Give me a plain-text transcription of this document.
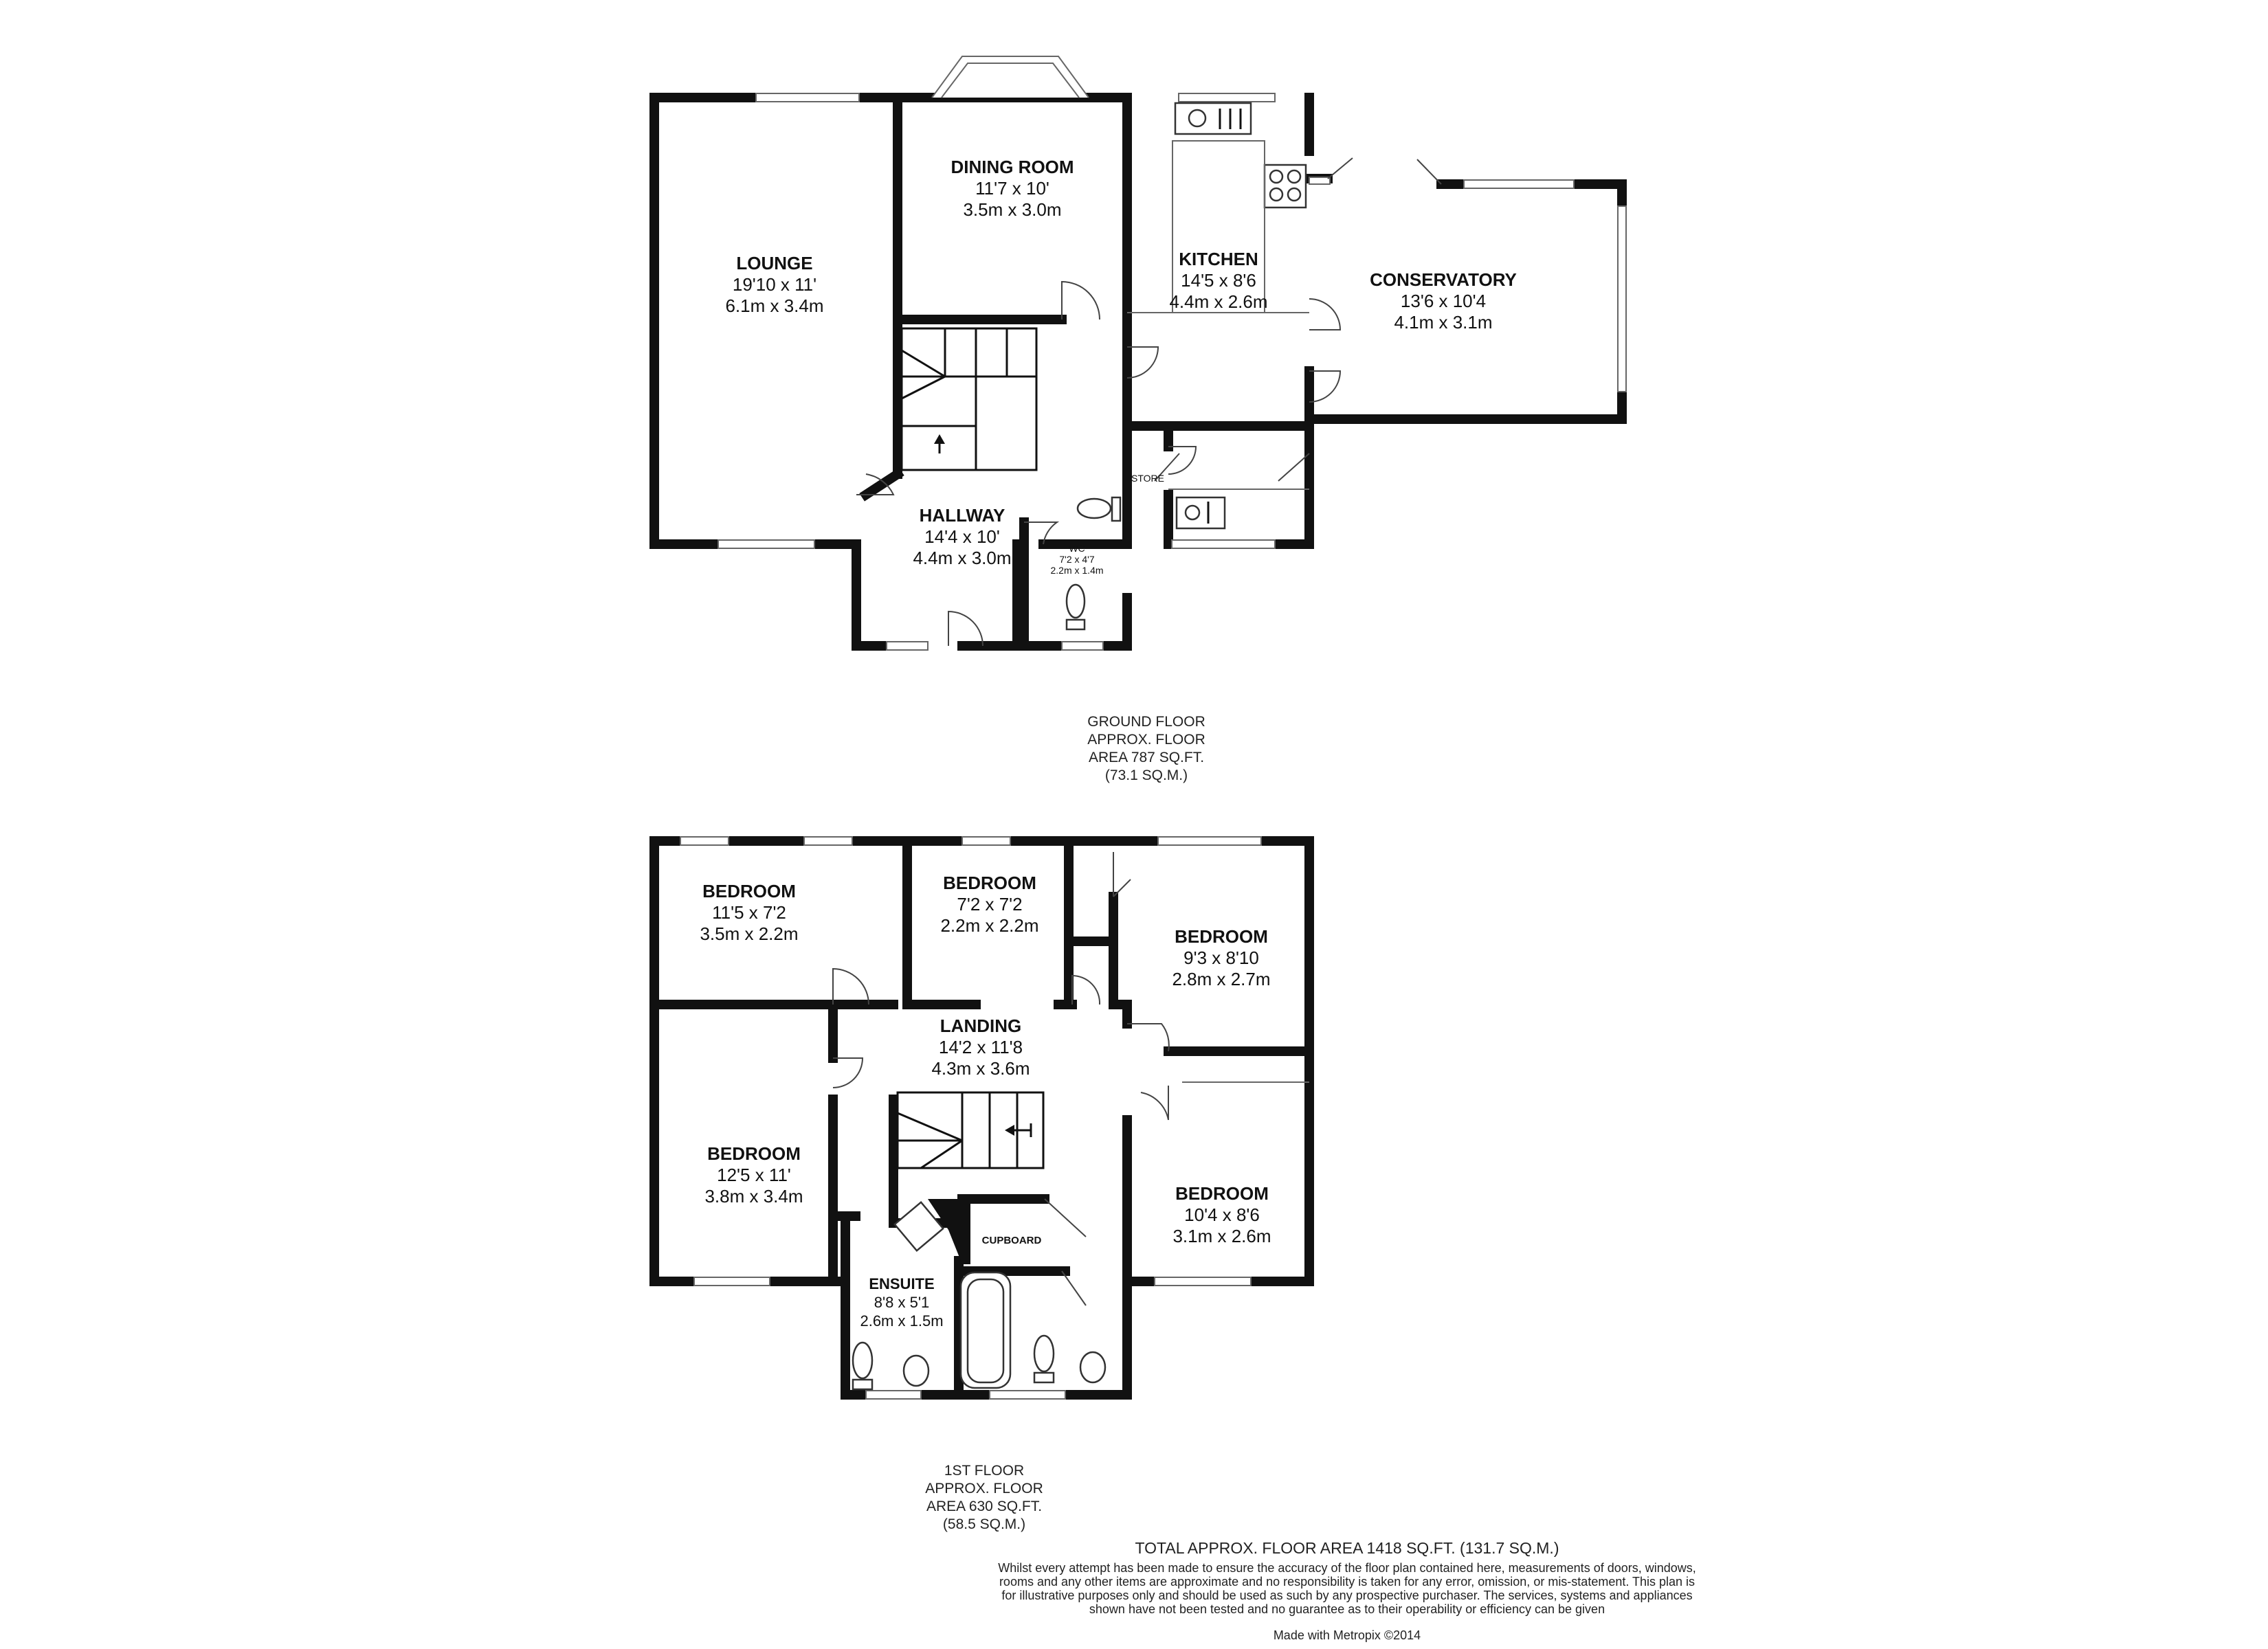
LOUNGE
19'10 x 11'
6.1m x 3.4m
DINING ROOM
11'7 x 10'
3.5m x 3.0m
KITCHEN
14'5 x 8'6
4.4m x 2.6m
CONSERVATORY
13'6 x 10'4
4.1m x 3.1m
HALLWAY
14'4 x 10'
4.4m x 3.0m	WC
7'2 x 4'7
2.2m x 1.4m
STORE
GROUND FLOOR
APPROX. FLOOR
AREA 787 SQ.FT.
(73.1 SQ.M.)
BEDROOM
11'5 x 7'2
3.5m x 2.2m
BEDROOM
7'2 x 7'2
2.2m x 2.2m
BEDROOM
9'3 x 8'10
2.8m x 2.7m
LANDING
14'2 x 11'8
4.3m x 3.6m
BEDROOM
12'5 x 11'
3.8m x 3.4m	BEDROOM
10'4 x 8'6
3.1m x 2.6m
ENSUITE
8'8 x 5'1
2.6m x 1.5m
CUPBOARD
1ST FLOOR
APPROX. FLOOR
AREA 630 SQ.FT.
(58.5 SQ.M.)
TOTAL APPROX. FLOOR AREA 1418 SQ.FT. (131.7 SQ.M.)
Whilst every attempt has been made to ensure the accuracy of the floor plan contained here, measurements of doors, windows, rooms and any other items are approximate and no responsibility is taken for any error, omission, or mis-statement. This plan is for illustrative purposes only and should be used as such by any prospective purchaser. The services, systems and appliances shown have not been tested and no guarantee as to their operability or efficiency can be given
Made with Metropix ©2014
